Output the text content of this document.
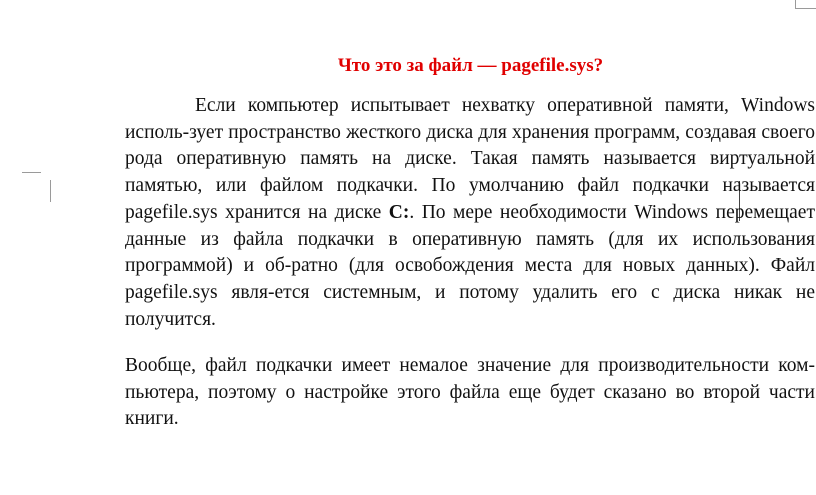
Что это за файл — pagefile.sys?

Если компьютер испытывает нехватку оперативной памяти, Windows исполь-зует пространство жесткого диска для хранения программ, создавая своего рода оперативную память на диске. Такая память называется виртуальной памятью, или файлом подкачки. По умолчанию файл подкачки называется pagefile.sys хранится на диске C:. По мере необходимости Windows перемещает данные из файла подкачки в оперативную память (для их использования программой) и об-ратно (для освобождения места для новых данных). Файл pagefile.sys явля-ется системным, и потому удалить его с диска никак не получится.

Вообще, файл подкачки имеет немалое значение для производительности ком-пьютера, поэтому о настройке этого файла еще будет сказано во второй части книги.
